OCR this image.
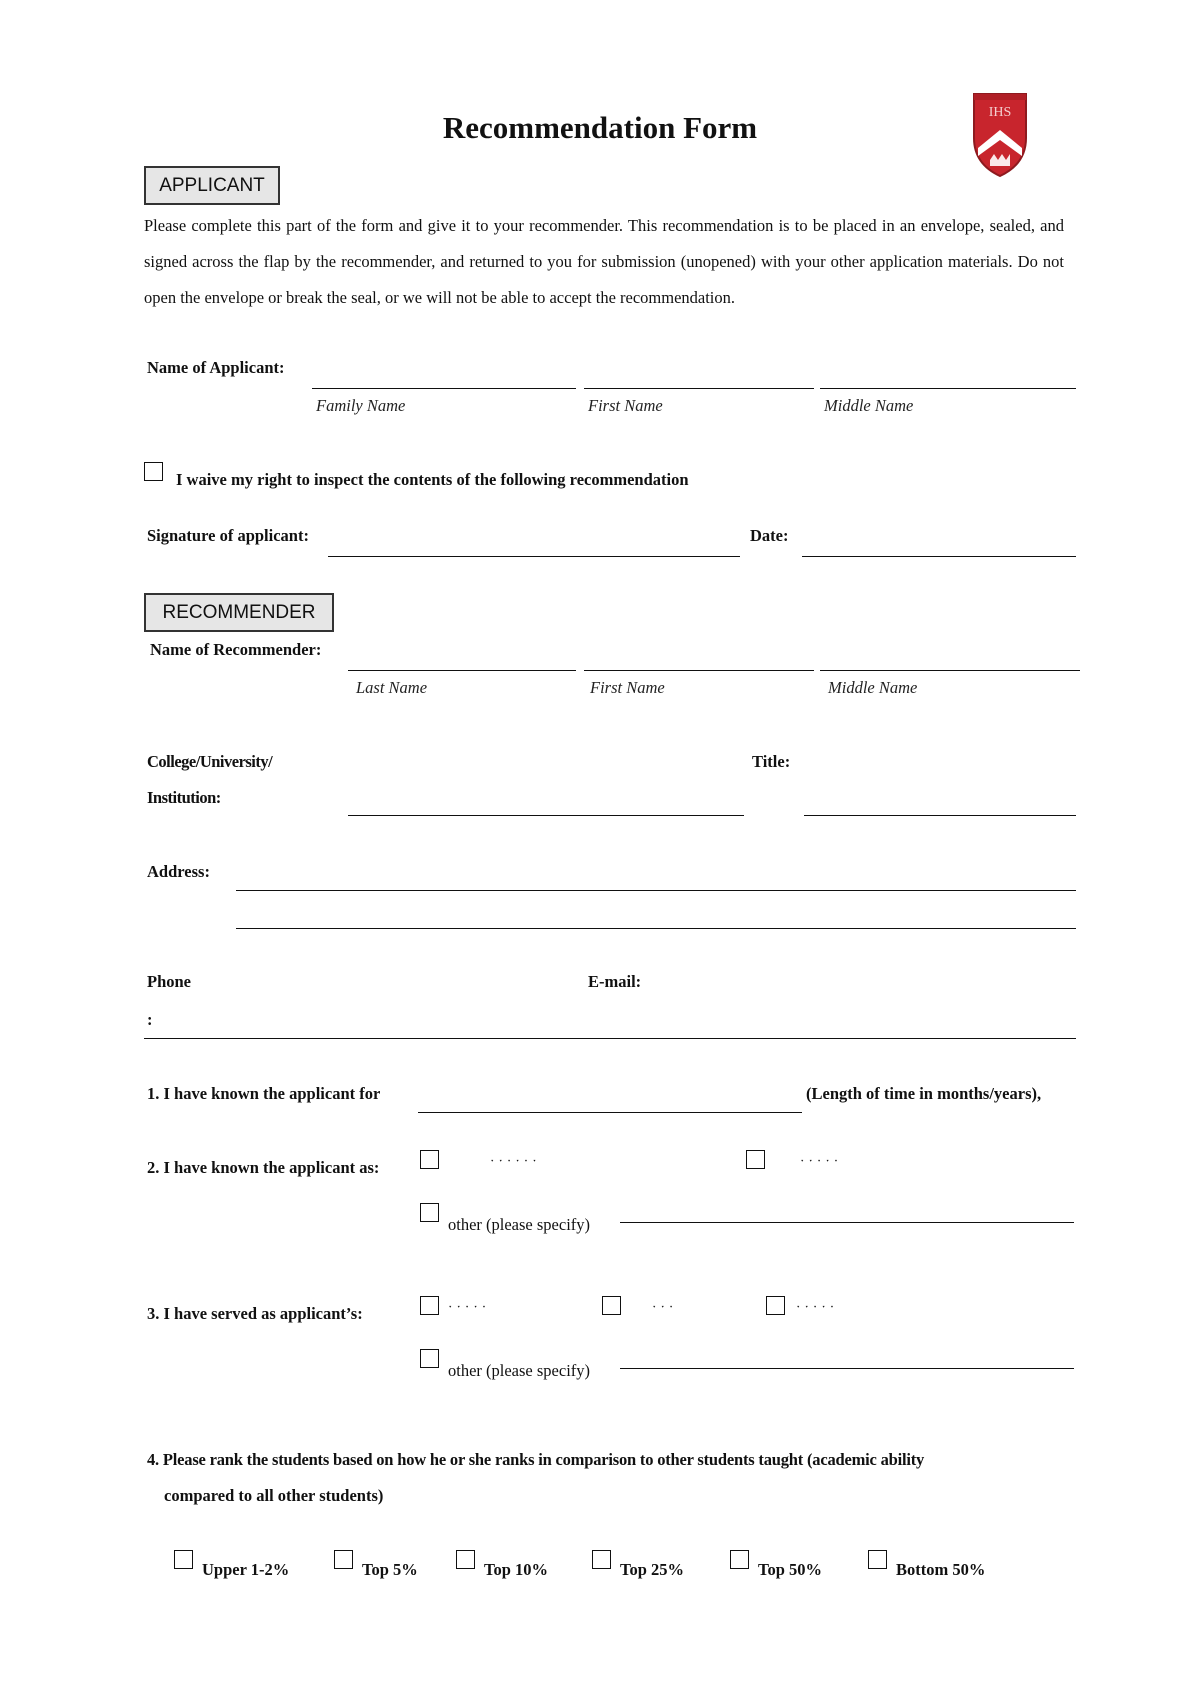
Recommendation Form	IHS
APPLICANT
Please complete this part of the form and give it to your recommender. This recommendation is to be placed in an envelope, sealed, and signed across the flap by the recommender, and returned to you for submission (unopened) with your other application materials. Do not open the envelope or break the seal, or we will not be able to accept the recommendation.
Name of Applicant:
Family Name	First Name	Middle Name
I waive my right to inspect the contents of the following recommendation
Signature of applicant:	Date:
RECOMMENDER
Name of Recommender:
Last Name	First Name	Middle Name
College/University/
Institution:
Title:
Address:
Phone
:
E-mail:
1. I have known the applicant for	(Length of time in months/years),
2. I have known the applicant as:	ˑ ˑ ˑ ˑ ˑ ˑ	ˑ ˑ ˑ ˑ ˑ
other (please specify)
3. I have served as applicant’s:	ˑ ˑ ˑ ˑ ˑ	ˑ ˑ ˑ	ˑ ˑ ˑ ˑ ˑ
other (please specify)
4. Please rank the students based on how he or she ranks in comparison to other students taught (academic ability
compared to all other students)
Upper 1-2%	Top 5%	Top 10%	Top 25%	Top 50%	Bottom 50%
